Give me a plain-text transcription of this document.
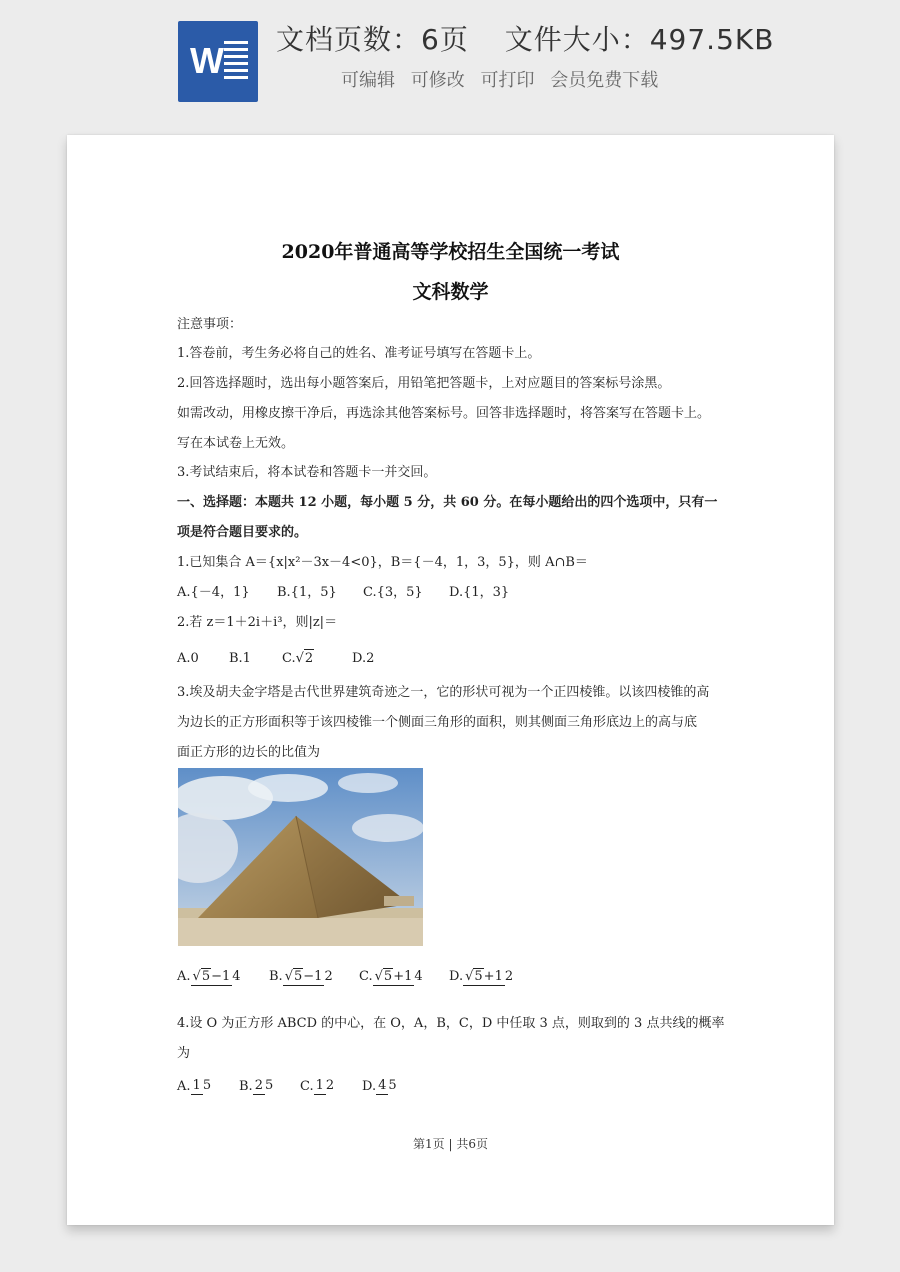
W
文档页数：6页 文件大小：497.5KB
可编辑 可修改 可打印 会员免费下载
2020年普通高等学校招生全国统一考试
文科数学
注意事项：
1.答卷前，考生务必将自己的姓名、准考证号填写在答题卡上。
2.回答选择题时，选出每小题答案后，用铅笔把答题卡，上对应题目的答案标号涂黑。
如需改动，用橡皮擦干净后，再选涂其他答案标号。回答非选择题时，将答案写在答题卡上。
写在本试卷上无效。
3.考试结束后，将本试卷和答题卡一并交回。
一、选择题：本题共 12 小题，每小题 5 分，共 60 分。在每小题给出的四个选项中，只有一
项是符合题目要求的。
1.已知集合 A＝{x|x²－3x－4<0}，B＝{－4，1，3，5}，则 A∩B＝
A.{－4，1} B.{1，5} C.{3，5} D.{1，3}
2.若 z＝1＋2i＋i³，则|z|＝
A.0 B.1 C.√2	D.2
3.埃及胡夫金字塔是古代世界建筑奇迹之一，它的形状可视为一个正四棱锥。以该四棱锥的高
为边长的正方形面积等于该四棱锥一个侧面三角形的面积，则其侧面三角形底边上的高与底
面正方形的边长的比值为
A. √5−1 4 B. √5−1 2 C. √5+1 4 D. √5+1 2
4.设 O 为正方形 ABCD 的中心，在 O，A，B，C，D 中任取 3 点，则取到的 3 点共线的概率
为
A. 1 5 B. 2 5 C. 1 2 D. 4 5
第1页 | 共6页
